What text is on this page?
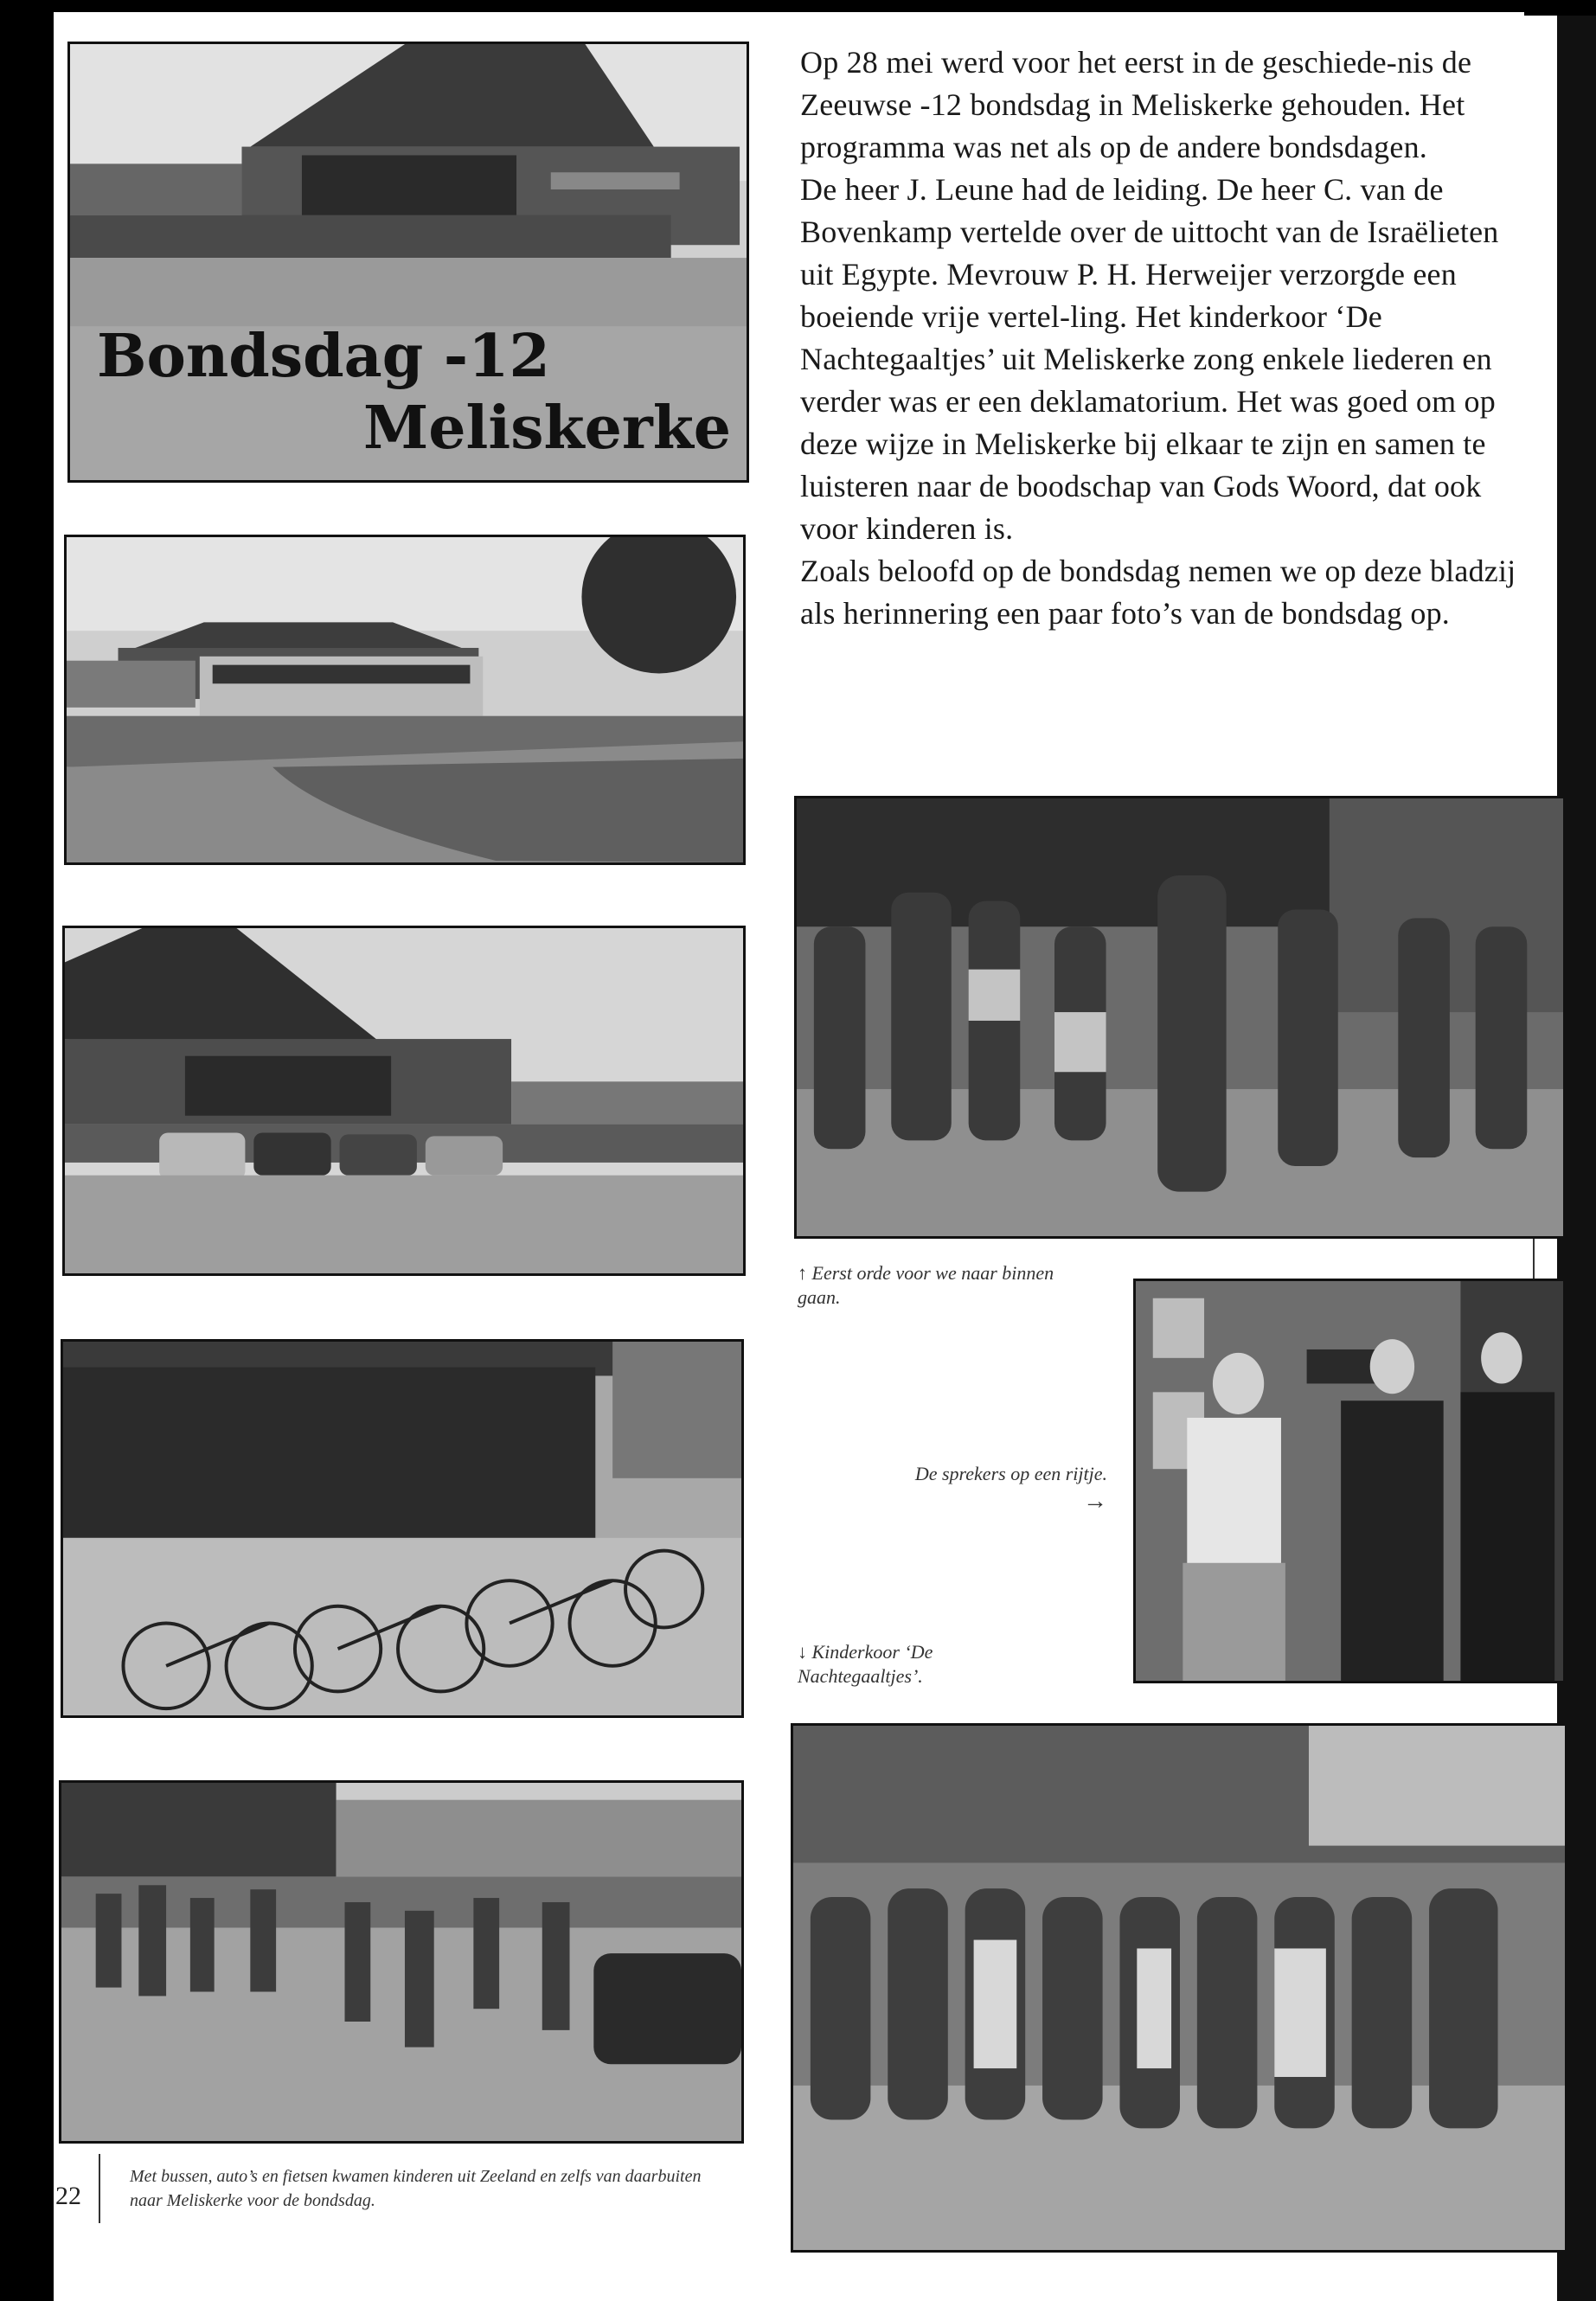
Bondsdag -12
Meliskerke
22
Met bussen, auto’s en fietsen kwamen kinderen uit Zeeland en zelfs van daarbuiten naar Meliskerke voor de bondsdag.

Op 28 mei werd voor het eerst in de geschiede-nis de Zeeuwse -12 bondsdag in Meliskerke gehouden. Het programma was net als op de andere bondsdagen.

De heer J. Leune had de leiding. De heer C. van de Bovenkamp vertelde over de uittocht van de Israëlieten uit Egypte. Mevrouw P. H. Herweijer verzorgde een boeiende vrije vertel-ling. Het kinderkoor ‘De Nachtegaaltjes’ uit Meliskerke zong enkele liederen en verder was er een deklamatorium. Het was goed om op deze wijze in Meliskerke bij elkaar te zijn en samen te luisteren naar de boodschap van Gods Woord, dat ook voor kinderen is.

Zoals beloofd op de bondsdag nemen we op deze bladzij als herinnering een paar foto’s van de bondsdag op.

↑ Eerst orde voor we naar binnen gaan.
De sprekers op een rijtje.
→
↓ Kinderkoor ‘De Nachtegaaltjes’.
